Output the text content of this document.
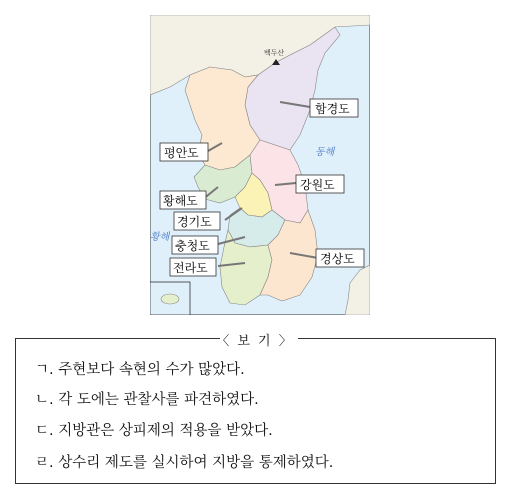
백두산
동해
황해
함경도
평안도
황해도
강원도
경기도
충청도
전라도
경상도
〈 보 기 〉
ㄱ. 주현보다 속현의 수가 많았다.
ㄴ. 각 도에는 관찰사를 파견하였다.
ㄷ. 지방관은 상피제의 적용을 받았다.
ㄹ. 상수리 제도를 실시하여 지방을 통제하였다.
